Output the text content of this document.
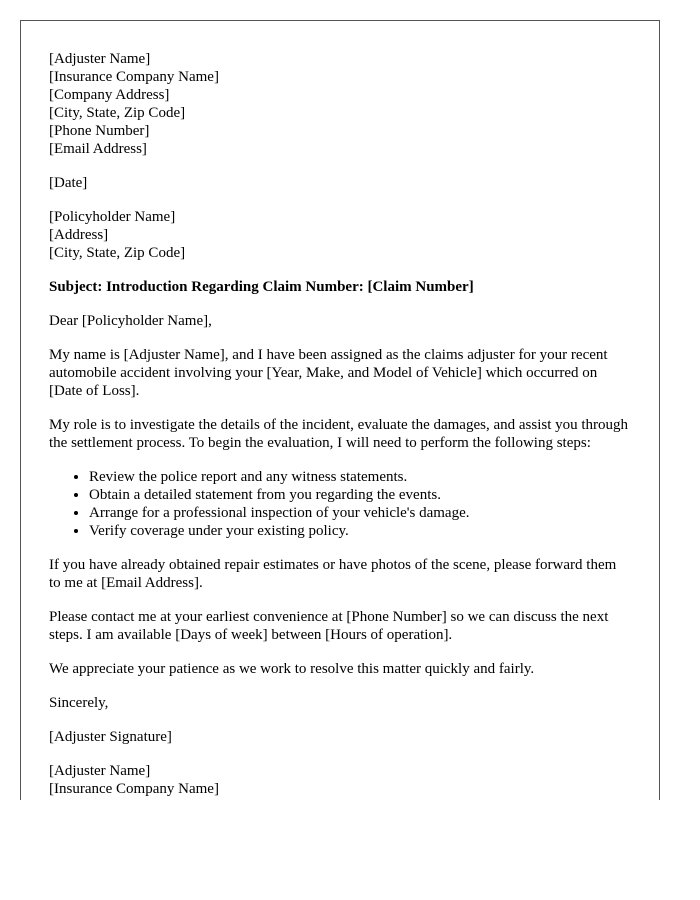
[Adjuster Name]
[Insurance Company Name]
[Company Address]
[City, State, Zip Code]
[Phone Number]
[Email Address]
[Date]
[Policyholder Name]
[Address]
[City, State, Zip Code]
Subject: Introduction Regarding Claim Number: [Claim Number]
Dear [Policyholder Name],

My name is [Adjuster Name], and I have been assigned as the claims adjuster for your recent automobile accident involving your [Year, Make, and Model of Vehicle] which occurred on [Date of Loss].

My role is to investigate the details of the incident, evaluate the damages, and assist you through the settlement process. To begin the evaluation, I will need to perform the following steps:

• Review the police report and any witness statements.
• Obtain a detailed statement from you regarding the events.
• Arrange for a professional inspection of your vehicle's damage.
• Verify coverage under your existing policy.

If you have already obtained repair estimates or have photos of the scene, please forward them to me at [Email Address].

Please contact me at your earliest convenience at [Phone Number] so we can discuss the next steps. I am available [Days of week] between [Hours of operation].

We appreciate your patience as we work to resolve this matter quickly and fairly.

Sincerely,
[Adjuster Signature]
[Adjuster Name]
[Insurance Company Name]
